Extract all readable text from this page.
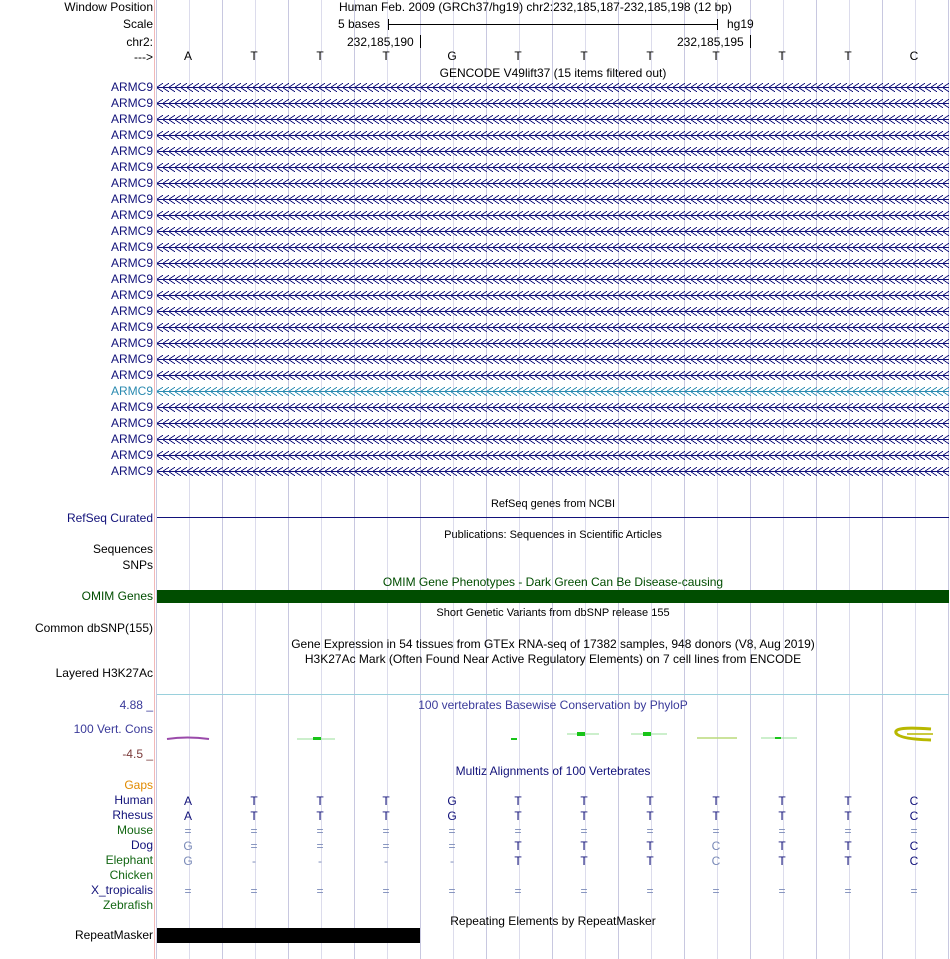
Window Position	Human Feb. 2009 (GRCh37/hg19) chr2:232,185,187-232,185,198 (12 bp)
Scale	5 bases	hg19
chr2:	232,185,190	232,185,195
--->	A	T	T	T	G	T	T	T	T	T	T	C
GENCODE V49lift37 (15 items filtered out)
ARMC9
ARMC9
ARMC9
ARMC9
ARMC9
ARMC9
ARMC9
ARMC9
ARMC9
ARMC9
ARMC9
ARMC9
ARMC9
ARMC9
ARMC9
ARMC9
ARMC9
ARMC9
ARMC9
ARMC9
ARMC9
ARMC9
ARMC9
ARMC9
ARMC9
RefSeq genes from NCBI
RefSeq Curated
Publications: Sequences in Scientific Articles
Sequences
SNPs
OMIM Gene Phenotypes - Dark Green Can Be Disease-causing
OMIM Genes
Short Genetic Variants from dbSNP release 155
Common dbSNP(155)
Gene Expression in 54 tissues from GTEx RNA-seq of 17382 samples, 948 donors (V8, Aug 2019)
H3K27Ac Mark (Often Found Near Active Regulatory Elements) on 7 cell lines from ENCODE
Layered H3K27Ac
100 vertebrates Basewise Conservation by PhyloP
4.88 _
100 Vert. Cons
-4.5 _
Multiz Alignments of 100 Vertebrates
Gaps
Human	A	T	T	T	G	T	T	T	T	T	T	C
Rhesus	A	T	T	T	G	T	T	T	T	T	T	C
Mouse	=	=	=	=	=	=	=	=	=	=	=	=
Dog	G	=	=	=	=	T	T	T	C	T	T	C
Elephant	G	-	-	-	-	T	T	T	C	T	T	C
Chicken
X_tropicalis	=	=	=	=	=	=	=	=	=	=	=	=
Zebrafish
Repeating Elements by RepeatMasker
RepeatMasker
